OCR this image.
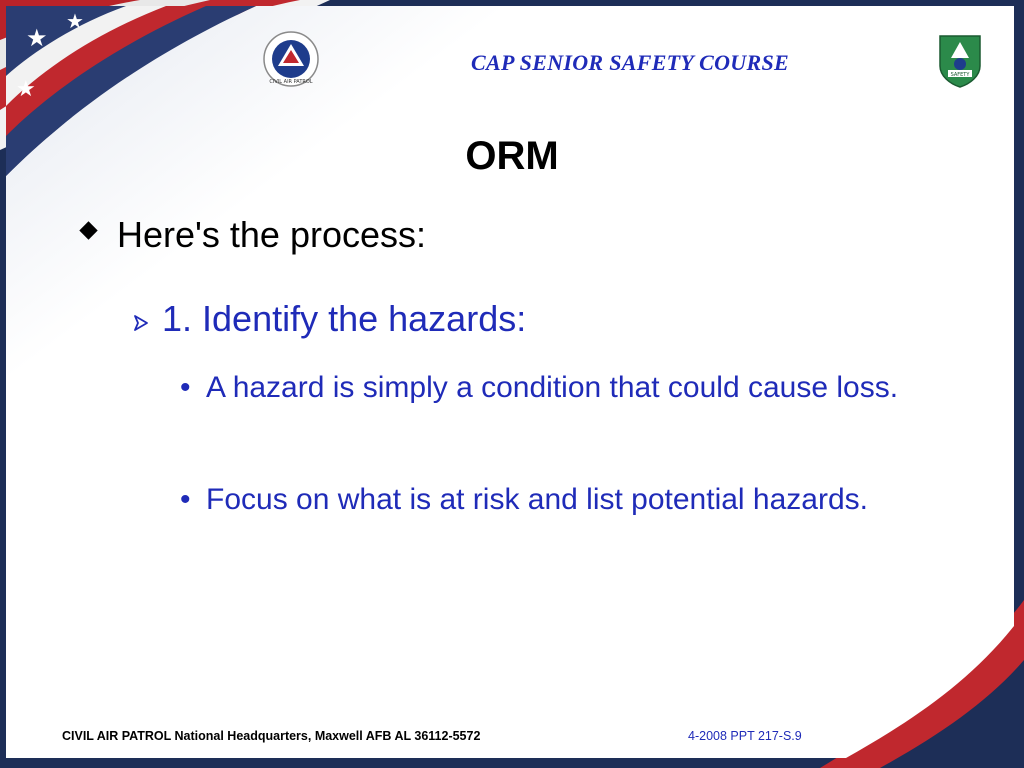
★
★
★	CIVIL AIR PATROL
CAP SENIOR SAFETY COURSE	SAFETY
ORM
Here's the process:
1. Identify the hazards:
• A hazard is simply a condition that could cause loss.
• Focus on what is at risk and list potential hazards.
CIVIL AIR PATROL National Headquarters, Maxwell AFB AL 36112-5572	4-2008 PPT 217-S.9
